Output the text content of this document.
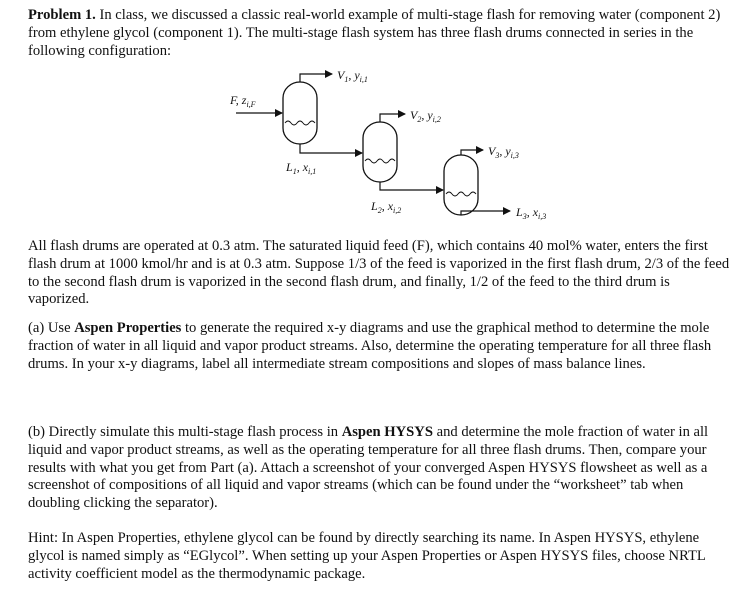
Problem 1. In class, we discussed a classic real-world example of multi-stage flash for removing water (component 2) from ethylene glycol (component 1). The multi-stage flash system has three flash drums connected in series in the following configuration:

F, $z_{i,F}$
$V_1$, $y_{i,1}$
$V_2$, $y_{i,2}$
$V_3$, $y_{i,3}$
$L_1$, $x_{i,1}$
$L_2$, $x_{i,2}$	$L_3$, $x_{i,3}$

All flash drums are operated at 0.3 atm. The saturated liquid feed (F), which contains 40 mol% water, enters the first flash drum at 1000 kmol/hr and is at 0.3 atm. Suppose 1/3 of the feed is vaporized in the first flash drum, 2/3 of the feed to the second flash drum is vaporized in the second flash drum, and finally, 1/2 of the feed to the third drum is vaporized.

(a) Use Aspen Properties to generate the required x-y diagrams and use the graphical method to determine the mole fraction of water in all liquid and vapor product streams. Also, determine the operating temperature for all three flash drums. In your x-y diagrams, label all intermediate stream compositions and slopes of mass balance lines.

(b) Directly simulate this multi-stage flash process in Aspen HYSYS and determine the mole fraction of water in all liquid and vapor product streams, as well as the operating temperature for all three flash drums. Then, compare your results with what you get from Part (a). Attach a screenshot of your converged Aspen HYSYS flowsheet as well as a screenshot of compositions of all liquid and vapor streams (which can be found under the “worksheet” tab when doubling clicking the separator).

Hint: In Aspen Properties, ethylene glycol can be found by directly searching its name. In Aspen HYSYS, ethylene glycol is named simply as “EGlycol”. When setting up your Aspen Properties or Aspen HYSYS files, choose NRTL activity coefficient model as the thermodynamic package.
